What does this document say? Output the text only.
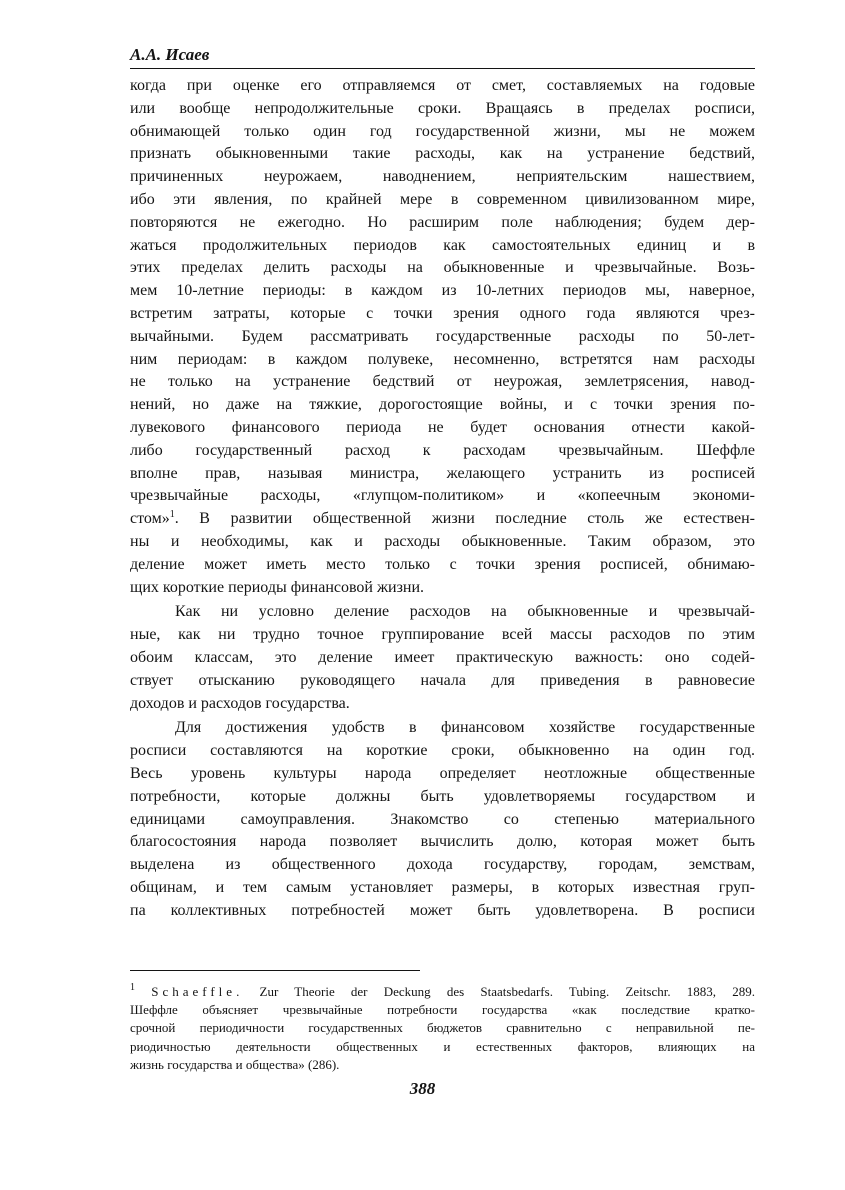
А.А. Исаев

когда при оценке его отправляемся от смет, составляемых на годовые
или вообще непродолжительные сроки. Вращаясь в пределах росписи,
обнимающей только один год государственной жизни, мы не можем
признать обыкновенными такие расходы, как на устранение бедствий,
причиненных неурожаем, наводнением, неприятельским нашествием,
ибо эти явления, по крайней мере в современном цивилизованном мире,
повторяются не ежегодно. Но расширим поле наблюдения; будем дер-
жаться продолжительных периодов как самостоятельных единиц и в
этих пределах делить расходы на обыкновенные и чрезвычайные. Возь-
мем 10-летние периоды: в каждом из 10-летних периодов мы, наверное,
встретим затраты, которые с точки зрения одного года являются чрез-
вычайными. Будем рассматривать государственные расходы по 50-лет-
ним периодам: в каждом полувеке, несомненно, встретятся нам расходы
не только на устранение бедствий от неурожая, землетрясения, навод-
нений, но даже на тяжкие, дорогостоящие войны, и с точки зрения по-
лувекового финансового периода не будет основания отнести какой-
либо государственный расход к расходам чрезвычайным. Шеффле
вполне прав, называя министра, желающего устранить из росписей
чрезвычайные расходы, «глупцом-политиком» и «копеечным экономи-
стом»$^1$. В развитии общественной жизни последние столь же естествен-
ны и необходимы, как и расходы обыкновенные. Таким образом, это
деление может иметь место только с точки зрения росписей, обнимаю-
щих короткие периоды финансовой жизни.

Как ни условно деление расходов на обыкновенные и чрезвычай-
ные, как ни трудно точное группирование всей массы расходов по этим
обоим классам, это деление имеет практическую важность: оно содей-
ствует отысканию руководящего начала для приведения в равновесие
доходов и расходов государства.

Для достижения удобств в финансовом хозяйстве государственные
росписи составляются на короткие сроки, обыкновенно на один год.
Весь уровень культуры народа определяет неотложные общественные
потребности, которые должны быть удовлетворяемы государством и
единицами самоуправления. Знакомство со степенью материального
благосостояния народа позволяет вычислить долю, которая может быть
выделена из общественного дохода государству, городам, земствам,
общинам, и тем самым установляет размеры, в которых известная груп-
па коллективных потребностей может быть удовлетворена. В росписи

$^1$ Schaeffle. Zur Theorie der Deckung des Staatsbedarfs. Tubing. Zeitschr. 1883, 289.
Шеффле объясняет чрезвычайные потребности государства «как последствие кратко-
срочной периодичности государственных бюджетов сравнительно с неправильной пе-
риодичностью деятельности общественных и естественных факторов, влияющих на
жизнь государства и общества» (286).
388
